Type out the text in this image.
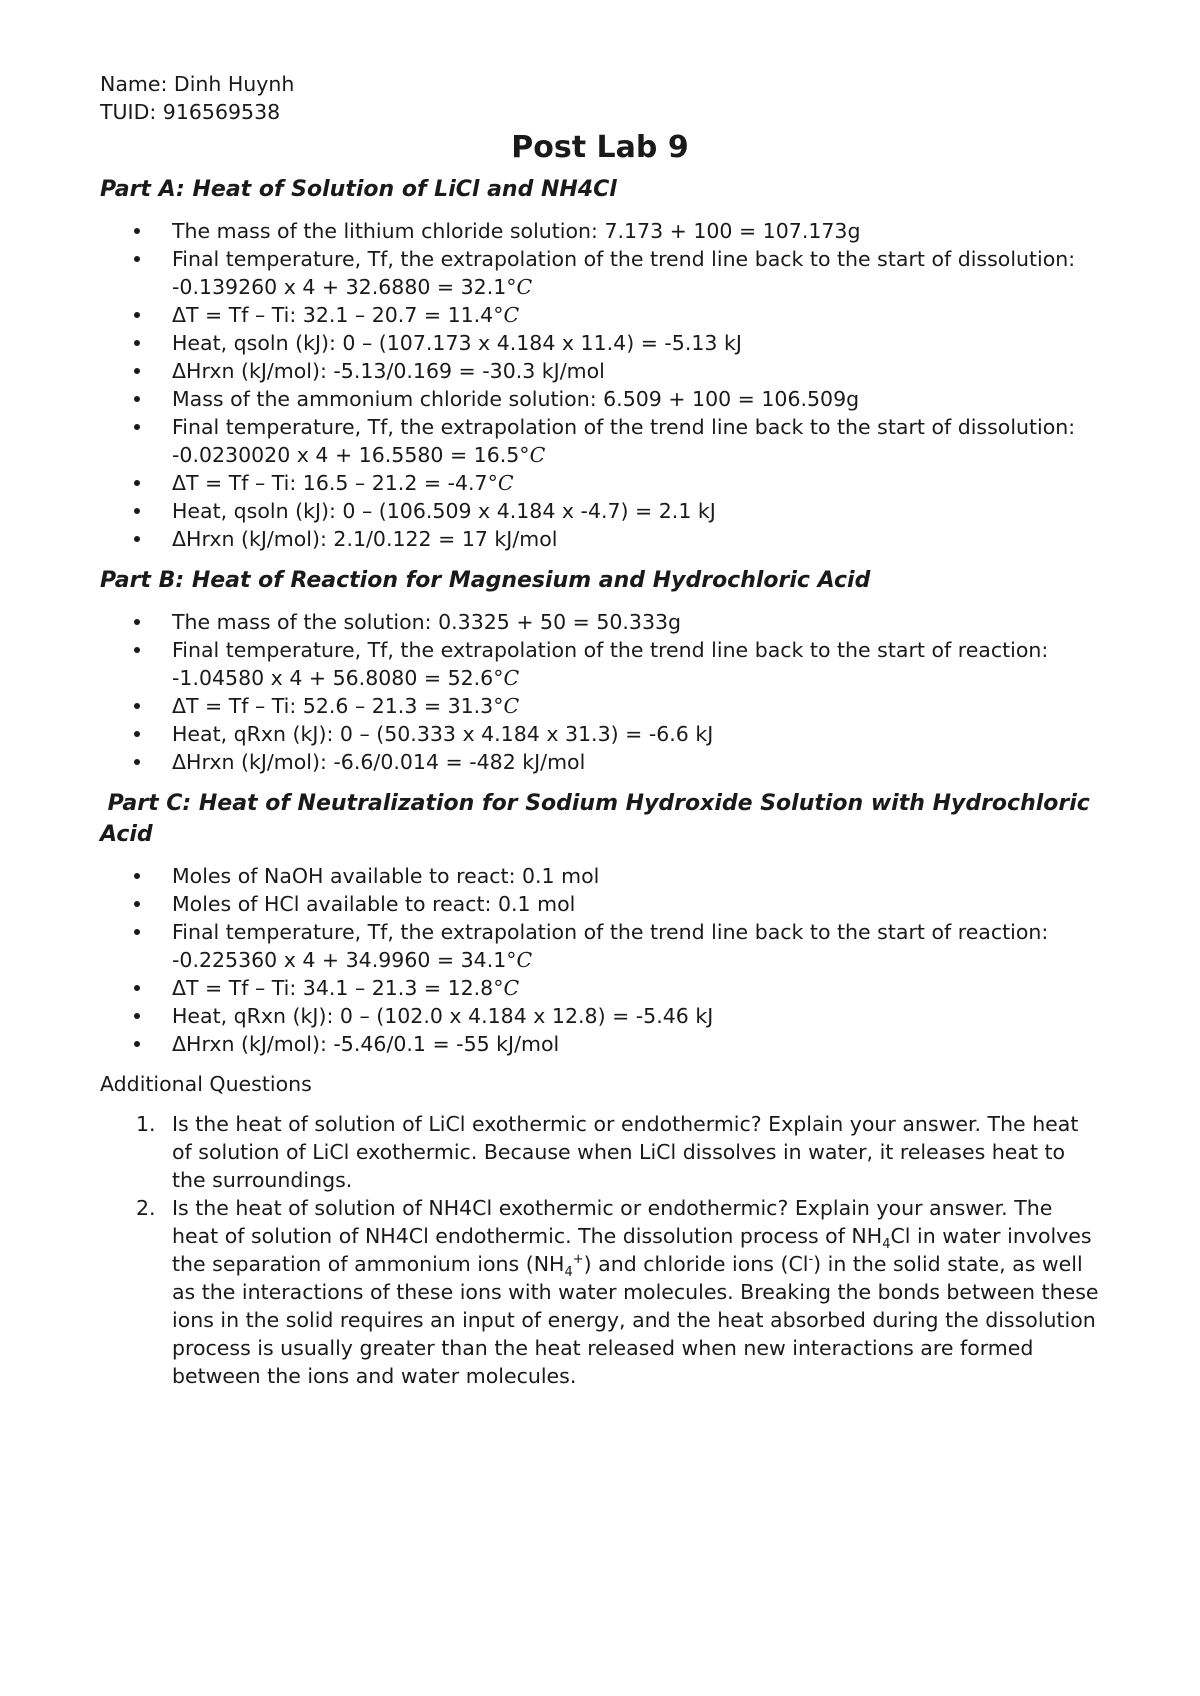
Name: Dinh Huynh

TUID: 916569538

Post Lab 9
Part A: Heat of Solution of LiCl and NH4Cl
The mass of the lithium chloride solution: 7.173 + 100 = 107.173g
Final temperature, Tf, the extrapolation of the trend line back to the start of dissolution:
-0.139260 x 4 + 32.6880 = 32.1°C
ΔT = Tf – Ti: 32.1 – 20.7 = 11.4°C
Heat, qsoln (kJ): 0 – (107.173 x 4.184 x 11.4) = -5.13 kJ
ΔHrxn (kJ/mol): -5.13/0.169 = -30.3 kJ/mol
Mass of the ammonium chloride solution: 6.509 + 100 = 106.509g
Final temperature, Tf, the extrapolation of the trend line back to the start of dissolution:
-0.0230020 x 4 + 16.5580 = 16.5°C
ΔT = Tf – Ti: 16.5 – 21.2 = -4.7°C
Heat, qsoln (kJ): 0 – (106.509 x 4.184 x -4.7) = 2.1 kJ
ΔHrxn (kJ/mol): 2.1/0.122 = 17 kJ/mol
Part B: Heat of Reaction for Magnesium and Hydrochloric Acid
The mass of the solution: 0.3325 + 50 = 50.333g
Final temperature, Tf, the extrapolation of the trend line back to the start of reaction:
-1.04580 x 4 + 56.8080 = 52.6°C
ΔT = Tf – Ti: 52.6 – 21.3 = 31.3°C
Heat, qRxn (kJ): 0 – (50.333 x 4.184 x 31.3) = -6.6 kJ
ΔHrxn (kJ/mol): -6.6/0.014 = -482 kJ/mol
Part C: Heat of Neutralization for Sodium Hydroxide Solution with Hydrochloric Acid
Moles of NaOH available to react: 0.1 mol
Moles of HCl available to react: 0.1 mol
Final temperature, Tf, the extrapolation of the trend line back to the start of reaction:
-0.225360 x 4 + 34.9960 = 34.1°C
ΔT = Tf – Ti: 34.1 – 21.3 = 12.8°C
Heat, qRxn (kJ): 0 – (102.0 x 4.184 x 12.8) = -5.46 kJ
ΔHrxn (kJ/mol): -5.46/0.1 = -55 kJ/mol

Additional Questions

1. Is the heat of solution of LiCl exothermic or endothermic? Explain your answer. The heat of solution of LiCl exothermic. Because when LiCl dissolves in water, it releases heat to the surroundings.
2. Is the heat of solution of NH4Cl exothermic or endothermic? Explain your answer. The heat of solution of NH4Cl endothermic. The dissolution process of $NH_4Cl$ in water involves the separation of ammonium ions $(NH_4^+)$ and chloride ions (Cl-) in the solid state, as well as the interactions of these ions with water molecules. Breaking the bonds between these ions in the solid requires an input of energy, and the heat absorbed during the dissolution process is usually greater than the heat released when new interactions are formed between the ions and water molecules.
